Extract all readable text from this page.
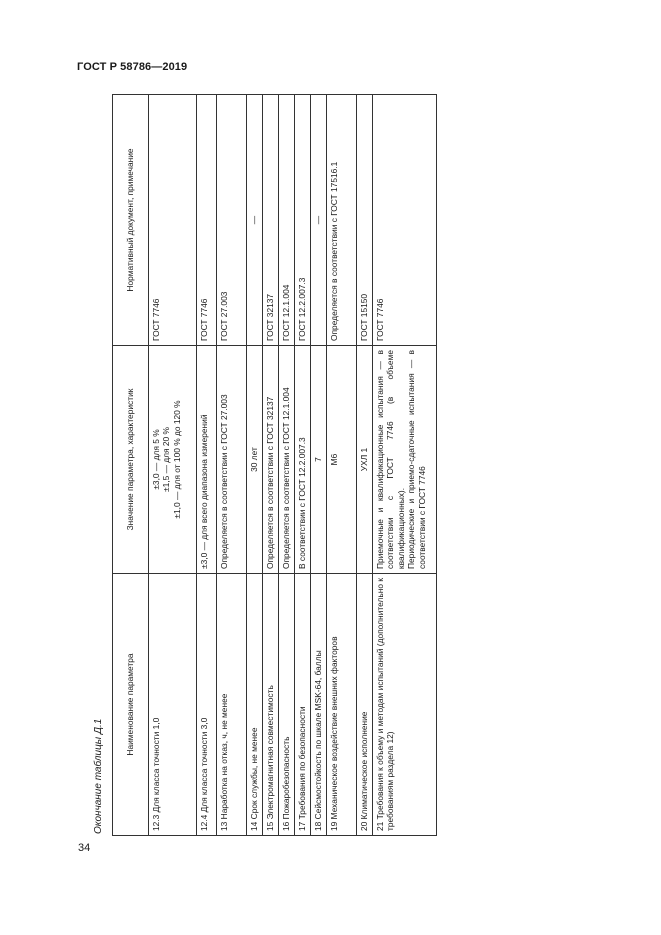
ГОСТ Р 58786—2019
Окончание таблицы Д.1
Наименование параметра	Значение параметра, характеристик	Нормативный документ, примечание
12.3 Для класса точности 1,0	±3,0 — для 5 % ±1,5 — для 20 % ±1,0 — для от 100 % до 120 %	ГОСТ 7746
12.4 Для класса точности 3,0	±3,0 — для всего диапазона измерений	ГОСТ 7746
13 Наработка на отказ, ч, не менее	Определяется в соответствии с ГОСТ 27.003	ГОСТ 27.003
14 Срок службы, не менее	30 лет	—
15 Электромагнитная совместимость	Определяется в соответствии с ГОСТ 32137	ГОСТ 32137
16 Пожаробезопасность	Определяется в соответствии с ГОСТ 12.1.004	ГОСТ 12.1.004
17 Требования по безопасности	В соответствии с ГОСТ 12.2.007.3	ГОСТ 12.2.007.3
18 Сейсмостойкость по шкале MSK-64, баллы	7	—
19 Механическое воздействие внешних факторов	М6	Определяется в соответствии с ГОСТ 17516.1
20 Климатическое исполнение	УХЛ 1	ГОСТ 15150
21 Требования к объему и методам испытаний (дополнительно к требованиям раздела 12)	Приемочные и квалификационные испытания — в соответствии с ГОСТ 7746 (в объеме квалификационных). Периодические и приемо-сдаточные испытания — в соответствии с ГОСТ 7746	ГОСТ 7746
34
